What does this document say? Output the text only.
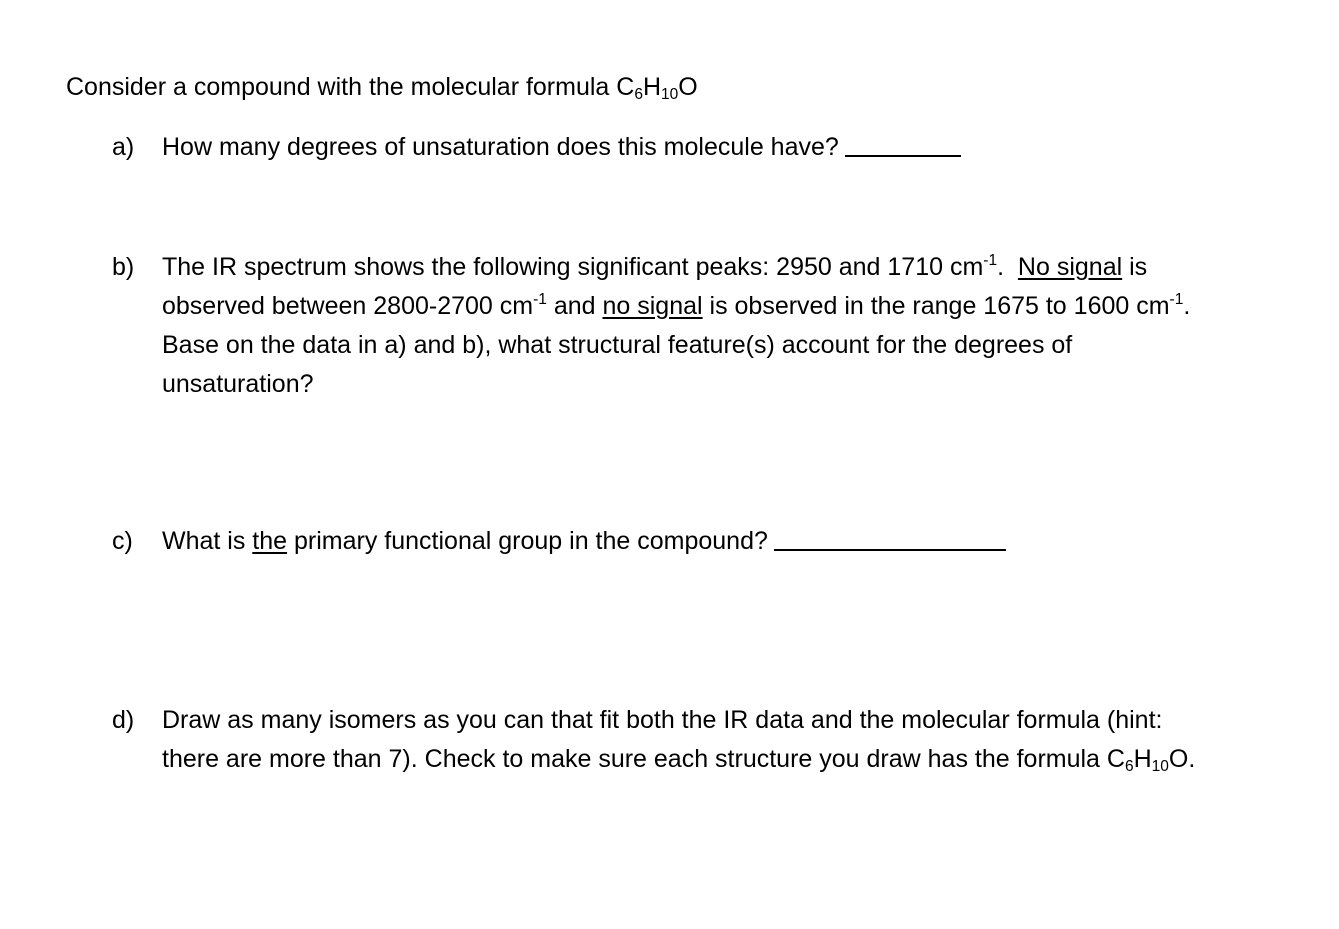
Consider a compound with the molecular formula $C_6H_{10}O$
a) How many degrees of unsaturation does this molecule have?
b) The IR spectrum shows the following significant peaks: 2950 and 1710 $cm^{-1}$.  No signal is
observed between 2800-2700 $cm^{-1}$ and no signal is observed in the range 1675 to 1600 $cm^{-1}$.
Base on the data in a) and b), what structural feature(s) account for the degrees of
unsaturation?
c) What is the primary functional group in the compound?
d) Draw as many isomers as you can that fit both the IR data and the molecular formula (hint:
there are more than 7). Check to make sure each structure you draw has the formula $C_6H_{10}O$.
